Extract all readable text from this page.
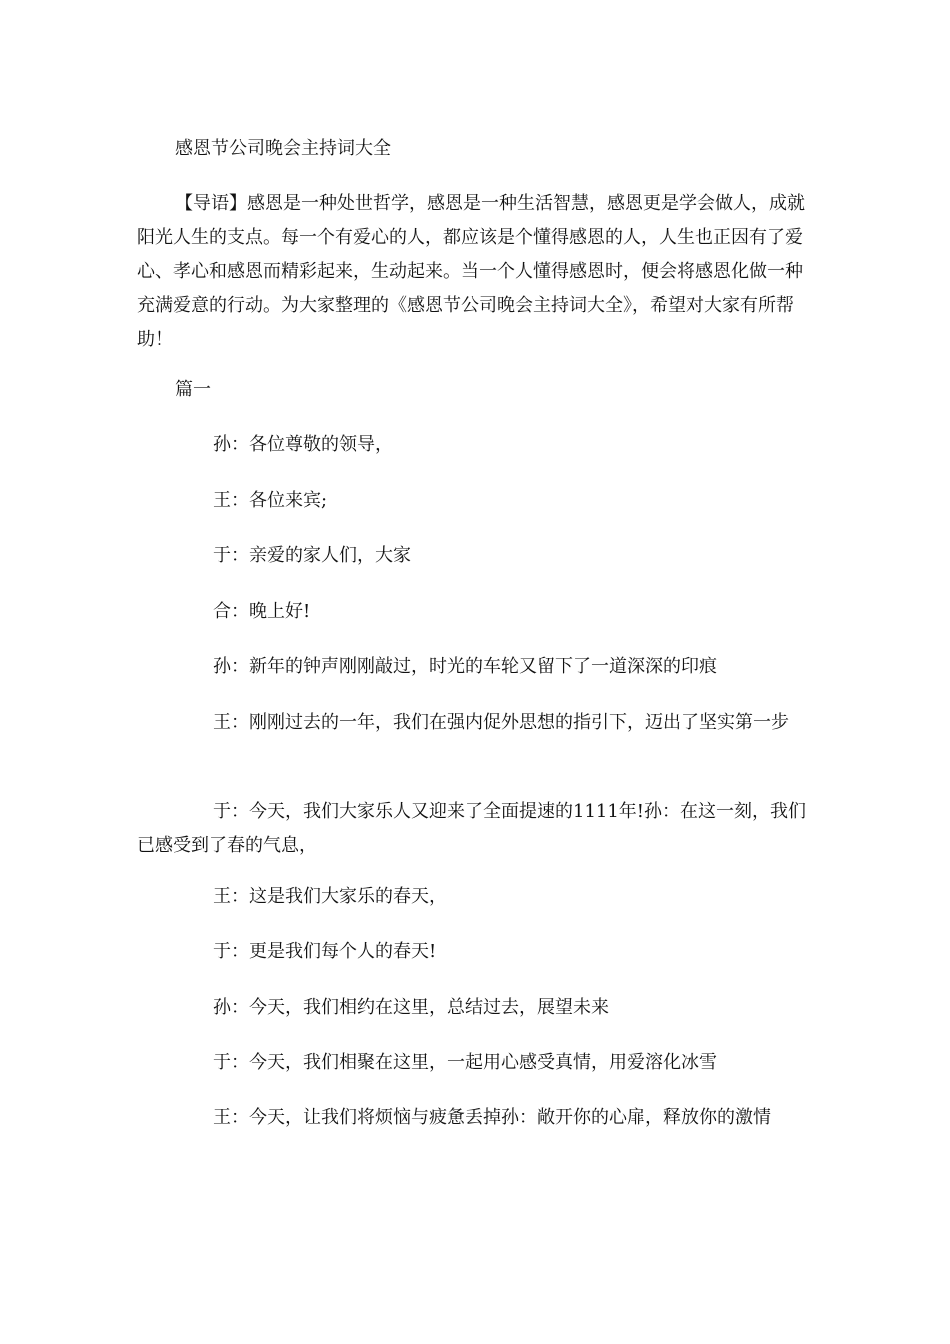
感恩节公司晚会主持词大全

【导语】感恩是一种处世哲学，感恩是一种生活智慧，感恩更是学会做人，成就阳光人生的支点。每一个有爱心的人，都应该是个懂得感恩的人，人生也正因有了爱心、孝心和感恩而精彩起来，生动起来。当一个人懂得感恩时，便会将感恩化做一种充满爱意的行动。为大家整理的《感恩节公司晚会主持词大全》，希望对大家有所帮助！

篇一

孙：各位尊敬的领导，

王：各位来宾;

于：亲爱的家人们，大家

合：晚上好!

孙：新年的钟声刚刚敲过，时光的车轮又留下了一道深深的印痕

王：刚刚过去的一年，我们在强内促外思想的指引下，迈出了坚实第一步

于：今天，我们大家乐人又迎来了全面提速的1111年!孙：在这一刻，我们已感受到了春的气息，

王：这是我们大家乐的春天，

于：更是我们每个人的春天!

孙：今天，我们相约在这里，总结过去，展望未来

于：今天，我们相聚在这里，一起用心感受真情，用爱溶化冰雪

王：今天，让我们将烦恼与疲惫丢掉孙：敞开你的心扉，释放你的激情
